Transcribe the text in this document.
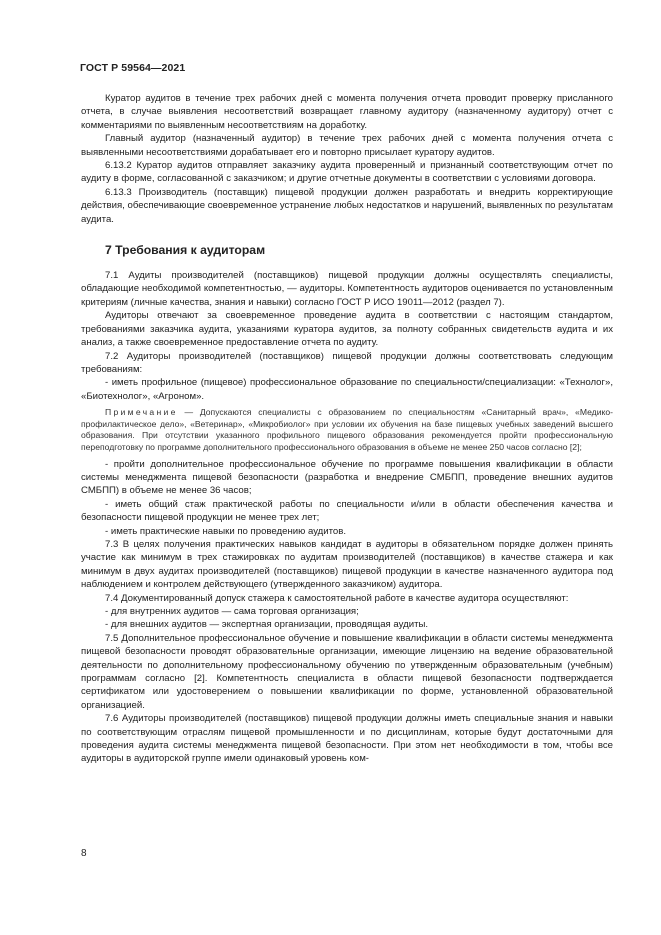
ГОСТ Р 59564—2021

Куратор аудитов в течение трех рабочих дней с момента получения отчета проводит проверку присланного отчета, в случае выявления несоответствий возвращает главному аудитору (назначенному аудитору) отчет с комментариями по выявленным несоответствиям на доработку.

Главный аудитор (назначенный аудитор) в течение трех рабочих дней с момента получения отчета с выявленными несоответствиями дорабатывает его и повторно присылает куратору аудитов.

6.13.2 Куратор аудитов отправляет заказчику аудита проверенный и признанный соответствующим отчет по аудиту в форме, согласованной с заказчиком; и другие отчетные документы в соответствии с условиями договора.

6.13.3 Производитель (поставщик) пищевой продукции должен разработать и внедрить корректирующие действия, обеспечивающие своевременное устранение любых недостатков и нарушений, выявленных по результатам аудита.

7 Требования к аудиторам

7.1 Аудиты производителей (поставщиков) пищевой продукции должны осуществлять специалисты, обладающие необходимой компетентностью, — аудиторы. Компетентность аудиторов оценивается по установленным критериям (личные качества, знания и навыки) согласно ГОСТ Р ИСО 19011—2012 (раздел 7).

Аудиторы отвечают за своевременное проведение аудита в соответствии с настоящим стандартом, требованиями заказчика аудита, указаниями куратора аудитов, за полноту собранных свидетельств аудита и их анализ, а также своевременное предоставление отчета по аудиту.

7.2 Аудиторы производителей (поставщиков) пищевой продукции должны соответствовать следующим требованиям:

- иметь профильное (пищевое) профессиональное образование по специальности/специализации: «Технолог», «Биотехнолог», «Агроном».

Примечание — Допускаются специалисты с образованием по специальностям «Санитарный врач», «Медико-профилактическое дело», «Ветеринар», «Микробиолог» при условии их обучения на базе пищевых учебных заведений высшего образования. При отсутствии указанного профильного пищевого образования рекомендуется пройти профессиональную переподготовку по программе дополнительного профессионального образования в объеме не менее 250 часов согласно [2];

- пройти дополнительное профессиональное обучение по программе повышения квалификации в области системы менеджмента пищевой безопасности (разработка и внедрение СМБПП, проведение внешних аудитов СМБПП) в объеме не менее 36 часов;

- иметь общий стаж практической работы по специальности и/или в области обеспечения качества и безопасности пищевой продукции не менее трех лет;

- иметь практические навыки по проведению аудитов.

7.3 В целях получения практических навыков кандидат в аудиторы в обязательном порядке должен принять участие как минимум в трех стажировках по аудитам производителей (поставщиков) в качестве стажера и как минимум в двух аудитах производителей (поставщиков) пищевой продукции в качестве назначенного аудитора под наблюдением и контролем действующего (утвержденного заказчиком) аудитора.

7.4 Документированный допуск стажера к самостоятельной работе в качестве аудитора осуществляют:

- для внутренних аудитов — сама торговая организация;

- для внешних аудитов — экспертная организации, проводящая аудиты.

7.5 Дополнительное профессиональное обучение и повышение квалификации в области системы менеджмента пищевой безопасности проводят образовательные организации, имеющие лицензию на ведение образовательной деятельности по дополнительному профессиональному обучению по утвержденным образовательным (учебным) программам согласно [2]. Компетентность специалиста в области пищевой безопасности подтверждается сертификатом или удостоверением о повышении квалификации по форме, установленной образовательной организацией.

7.6 Аудиторы производителей (поставщиков) пищевой продукции должны иметь специальные знания и навыки по соответствующим отраслям пищевой промышленности и по дисциплинам, которые будут достаточными для проведения аудита системы менеджмента пищевой безопасности. При этом нет необходимости в том, чтобы все аудиторы в аудиторской группе имели одинаковый уровень ком-

8
